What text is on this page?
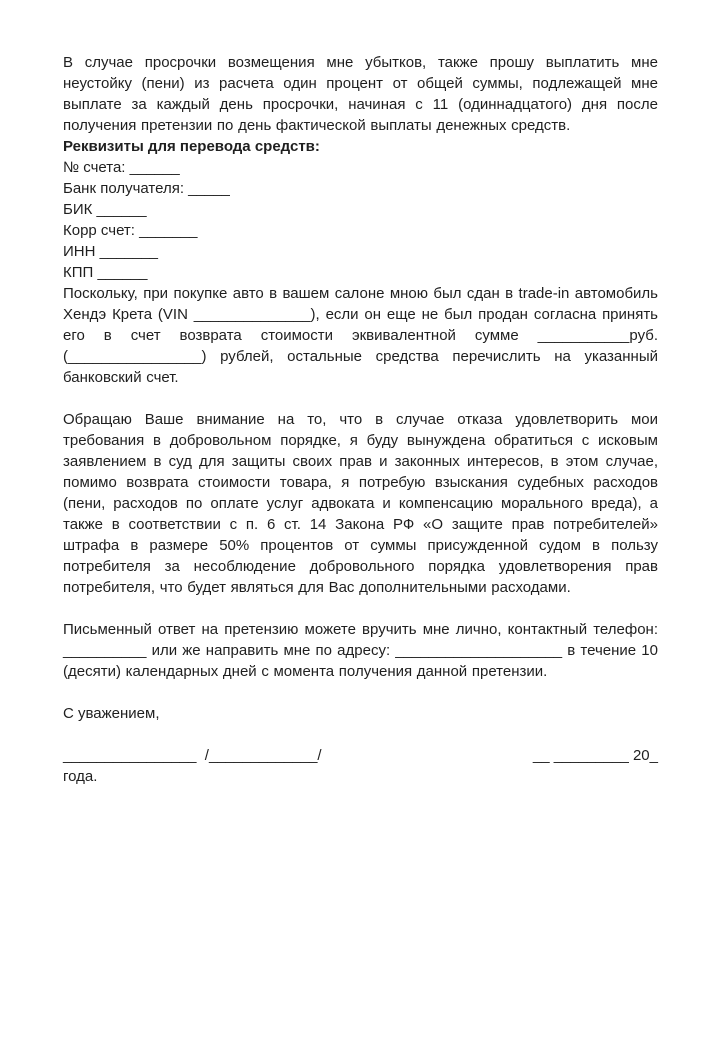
В случае просрочки возмещения мне убытков, также прошу выплатить мне неустойку (пени) из расчета один процент от общей суммы, подлежащей мне выплате за каждый день просрочки, начиная с 11 (одиннадцатого) дня после получения претензии по день фактической выплаты денежных средств.

Реквизиты для перевода средств:

№ счета: ______

Банк получателя: _____

БИК ______

Корр счет: _______

ИНН _______

КПП ______

Поскольку, при покупке авто в вашем салоне мною был сдан в trade-in автомобиль Хендэ Крета (VIN ______________), если он еще не был продан согласна принять его в счет возврата стоимости эквивалентной сумме ___________руб. (________________) рублей, остальные средства перечислить на указанный банковский счет.

Обращаю Ваше внимание на то, что в случае отказа удовлетворить мои требования в добровольном порядке, я буду вынуждена обратиться с исковым заявлением в суд для защиты своих прав и законных интересов, в этом случае, помимо возврата стоимости товара, я потребую взыскания судебных расходов (пени, расходов по оплате услуг адвоката и компенсацию морального вреда), а также в соответствии с п. 6 ст. 14 Закона РФ «О защите прав потребителей» штрафа в размере 50% процентов от суммы присужденной судом в пользу потребителя за несоблюдение добровольного порядка удовлетворения прав потребителя, что будет являться для Вас дополнительными расходами.

Письменный ответ на претензию можете вручить мне лично, контактный телефон: __________ или же направить мне по адресу: ____________________ в течение 10 (десяти) календарных дней с момента получения данной претензии.

С уважением,

________________  /_____________/	__ _________ 20_

года.
